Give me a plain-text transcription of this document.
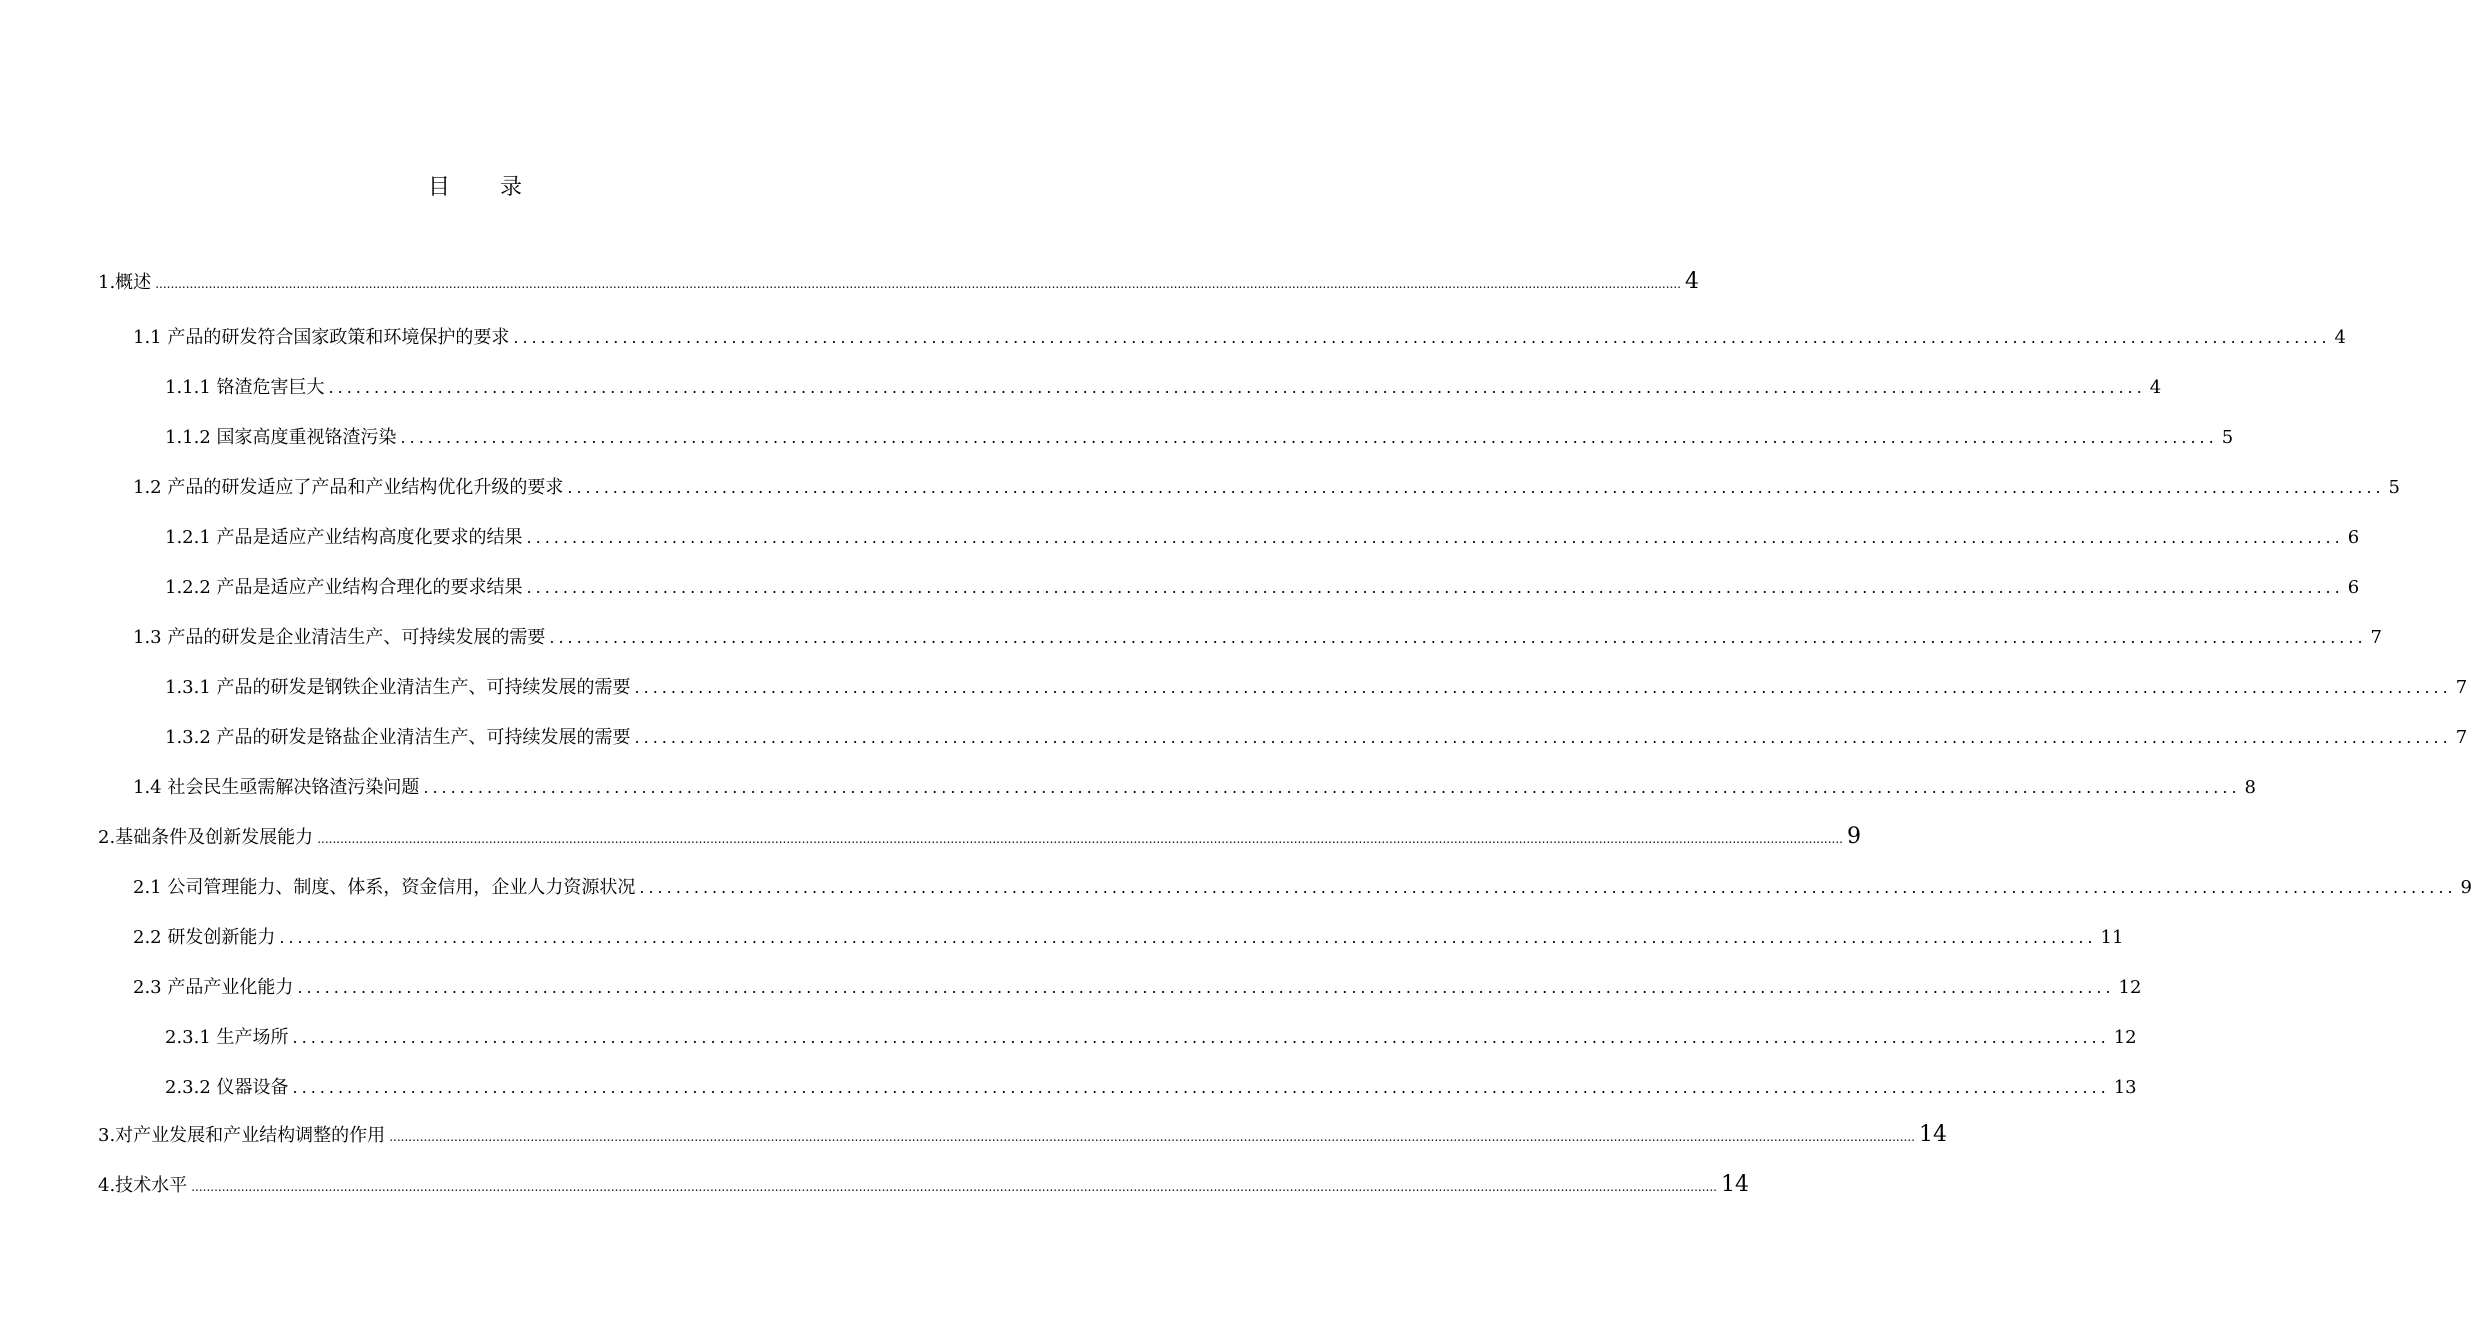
目 录
1.概述 ................................................................................................................................................................................................................................................................................................................................................................................................................ 4
1.1 产品的研发符合国家政策和环境保护的要求 ........................................................................................................................................................................................................ 4
1.1.1 铬渣危害巨大 ........................................................................................................................................................................................................ 4
1.1.2 国家高度重视铬渣污染 ........................................................................................................................................................................................................ 5
1.2 产品的研发适应了产品和产业结构优化升级的要求 ........................................................................................................................................................................................................ 5
1.2.1 产品是适应产业结构高度化要求的结果 ........................................................................................................................................................................................................ 6
1.2.2 产品是适应产业结构合理化的要求结果 ........................................................................................................................................................................................................ 6
1.3 产品的研发是企业清洁生产、可持续发展的需要 ........................................................................................................................................................................................................ 7
1.3.1 产品的研发是钢铁企业清洁生产、可持续发展的需要 ........................................................................................................................................................................................................ 7
1.3.2 产品的研发是铬盐企业清洁生产、可持续发展的需要 ........................................................................................................................................................................................................ 7
1.4 社会民生亟需解决铬渣污染问题 ........................................................................................................................................................................................................ 8
2.基础条件及创新发展能力 ................................................................................................................................................................................................................................................................................................................................................................................................................ 9
2.1 公司管理能力、制度、体系，资金信用，企业人力资源状况 ........................................................................................................................................................................................................ 9
2.2 研发创新能力 ........................................................................................................................................................................................................ 11
2.3 产品产业化能力 ........................................................................................................................................................................................................ 12
2.3.1 生产场所 ........................................................................................................................................................................................................ 12
2.3.2 仪器设备 ........................................................................................................................................................................................................ 13
3.对产业发展和产业结构调整的作用 ................................................................................................................................................................................................................................................................................................................................................................................................................ 14
4.技术水平 ................................................................................................................................................................................................................................................................................................................................................................................................................ 14
